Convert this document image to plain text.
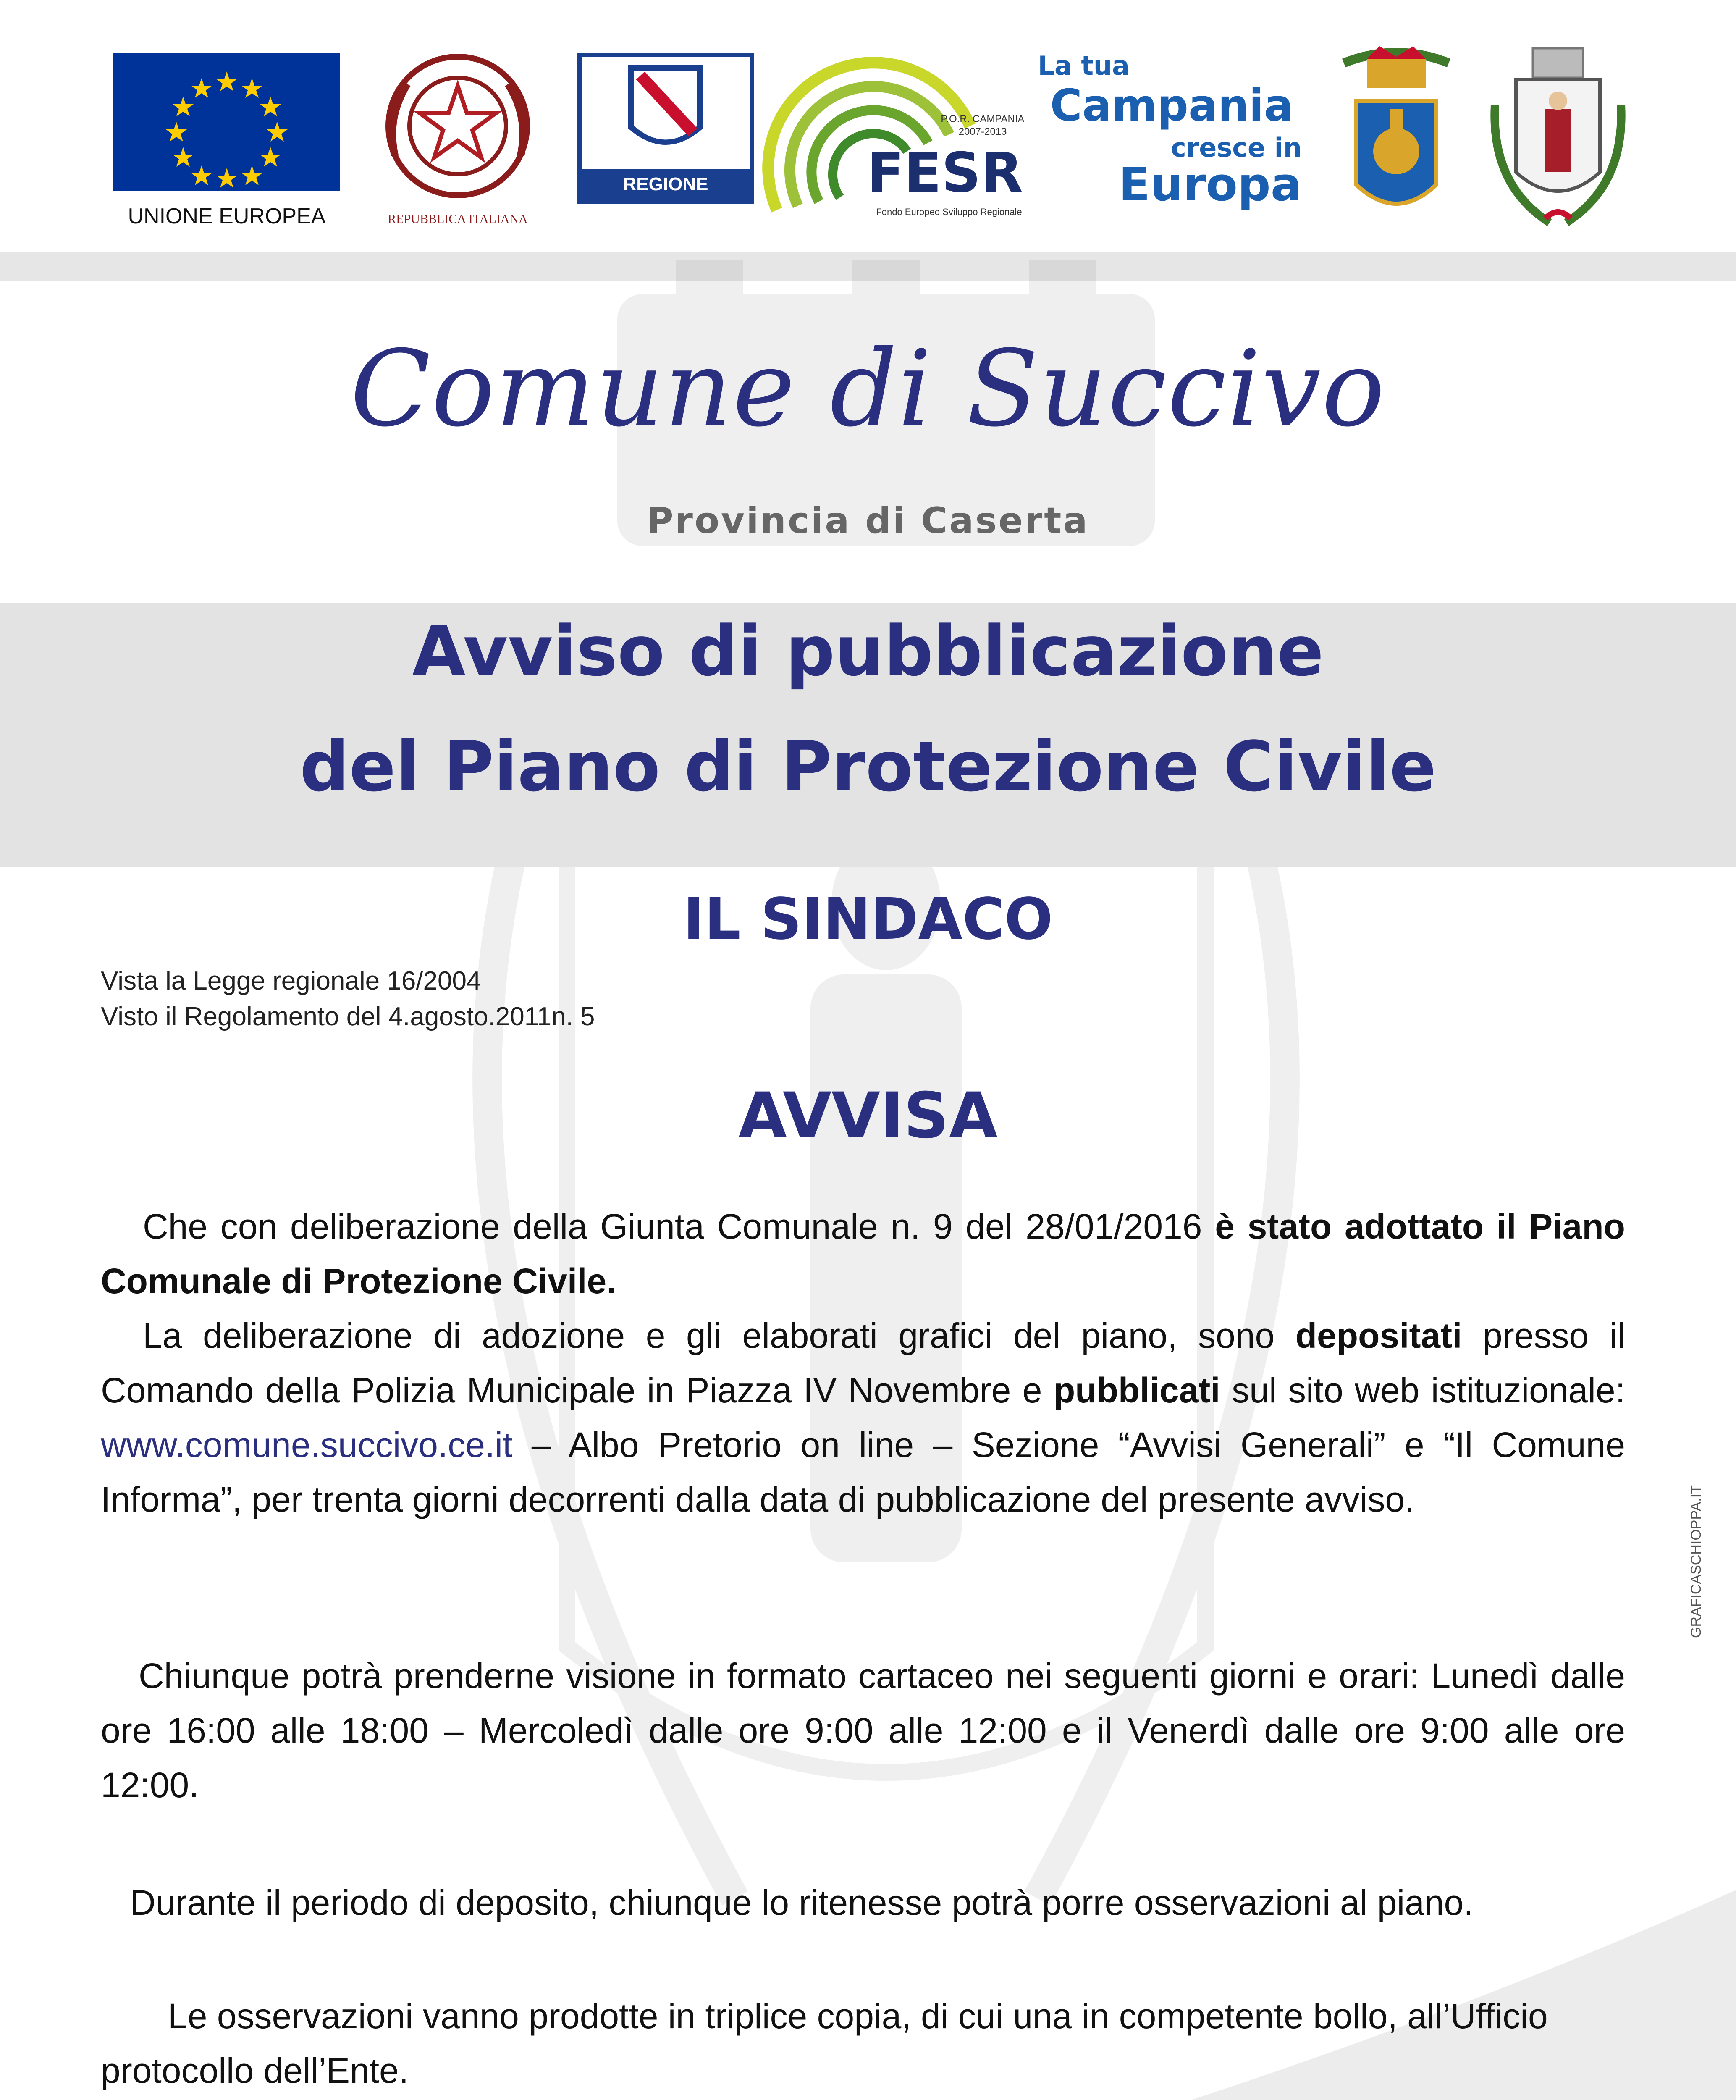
UNIONE EUROPEA	REPUBBLICA ITALIANA
REGIONE CAMPANIA
P.O.R. CAMPANIA
2007-2013
FESR
Fondo Europeo Sviluppo Regionale
La tua
Campania
cresce in
Europa
Comune di Succivo
Provincia di Caserta
Avviso di pubblicazione
del Piano di Protezione Civile
IL SINDACO
Vista la Legge regionale 16/2004
Visto il Regolamento del 4.agosto.2011n. 5
AVVISA
Che con deliberazione della Giunta Comunale n. 9 del 28/01/2016 è stato adottato il Piano Comunale di Protezione Civile.
La deliberazione di adozione e gli elaborati grafici del piano, sono depositati presso il Comando della Polizia Municipale in Piazza IV Novembre e pubblicati sul sito web istituzionale: www.comune.succivo.ce.it – Albo Pretorio on line – Sezione “Avvisi Generali” e “Il Comune Informa”, per trenta giorni decorrenti dalla data di pubblicazione del presente avviso.
Chiunque potrà prenderne visione in formato cartaceo nei seguenti giorni e orari: Lunedì dalle ore 16:00 alle 18:00 – Mercoledì dalle ore 9:00 alle 12:00 e il Venerdì dalle ore 9:00 alle ore 12:00.
Durante il periodo di deposito, chiunque lo ritenesse potrà porre osservazioni al piano.
Le osservazioni vanno prodotte in triplice copia, di cui una in competente bollo, all’Ufficio protocollo dell’Ente.
GRAFICASCHIOPPA.IT
